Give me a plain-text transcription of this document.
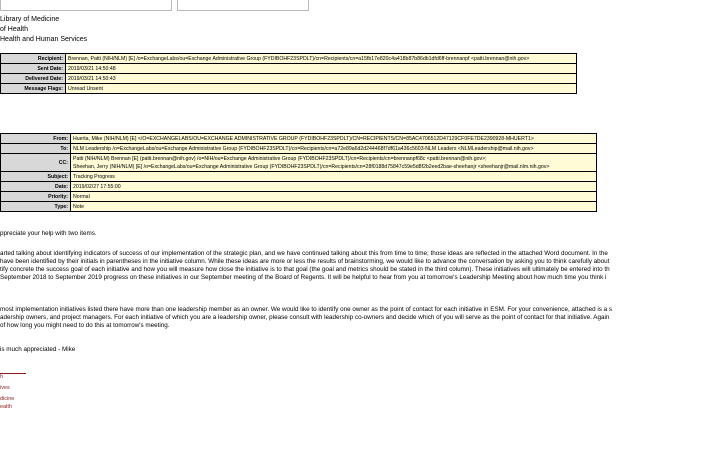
Library of Medicine
of Health
Health and Human Services
Recipient:	Brennan, Patti (NIH/NLM) [E] /o=ExchangeLabs/ou=Exchange Administrative Group (FYDIBOHF23SPDLT)/cn=Recipients/cn=a15fb17e820c4a418b87b86db1dfd6ff-brennanpf <patti.brennan@nih.gov>
Sent Date:	2019/03/21 14:50:48
Delivered Date:	2019/03/21 14:50:43
Message Flags:	Unread Unsent
From:	Huerta, Mike (NIH/NLM) [E] </O=EXCHANGELABS/OU=EXCHANGE ADMINISTRATIVE GROUP (FYDIBOHF23SPDLT)/CN=RECIPIENTS/CN=85AC4706512D47129CF0FE7DE2390928-MHUERT1>
To:	NLM Leadership /o=ExchangeLabs/ou=Exchange Administrative Group (FYDIBOHF23SPDLT)/cn=Recipients/cn=a72e89a6d2d244468f7df61a436c5603-NLM Leaders <NLMLeadership@mail.nih.gov>
CC:	Patti (NIH/NLM) Brennan [E] (patti.brennan@nih.gov) /o=NIH/ou=Exchange Administrative Group (FYDIBOHF23SPDLT)/cn=Recipients/cn=brennanpf68c <patti.brennan@nih.gov>;
Sheehan, Jerry (NIH/NLM) [E] /o=ExchangeLabs/ou=Exchange Administrative Group (FYDIBOHF23SPDLT)/cn=Recipients/cn=28f0188d75847c59e5d8f2b2eed2bae-sheehanjr <sheehanjr@mail.nlm.nih.gov>

Subject:	Tracking Progress
Date:	2019/02/27 17:55:00
Priority:	Normal
Type:	Note
ppreciate your help with two items.
arted talking about identifying indicators of success of our implementation of the strategic plan, and we have continued talking about this from time to time; those ideas are reflected in the attached Word document. In the
have been identified by their initials in parentheses in the initiative column. While these ideas are more or less the results of brainstorming, we would like to advance the conversation by asking you to think carefully about
tify concrete the success goal of each initiative and how you will measure how close the initiative is to that goal (the goal and metrics should be stated in the third column). These initiatives will ultimately be entered into th
September 2018 to September 2019 progress on these initiatives in our September meeting of the Board of Regents. It will be helpful to hear from you at tomorrow's Leadership Meeting about how much time you think i
most implementation initiatives listed there have more than one leadership member as an owner. We would like to identify one owner as the point of contact for each initiative in ESM. For your convenience, attached is a s
adership owners, and project managers. For each initiative of which you are a leadership owner, please consult with leadership co-owners and decide which of you will serve as the point of contact for that initiative. Again
of how long you might need to do this at tomorrow's meeting.
is much appreciated - Mike
h
ives
dicine
ealth
